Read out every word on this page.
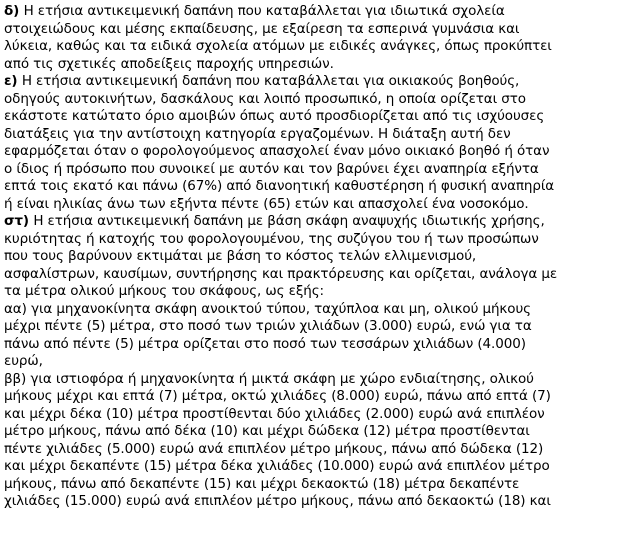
δ) Η ετήσια αντικειμενική δαπάνη που καταβάλλεται για ιδιωτικά σχολεία
στοιχειώδους και μέσης εκπαίδευσης, με εξαίρεση τα εσπερινά γυμνάσια και
λύκεια, καθώς και τα ειδικά σχολεία ατόμων με ειδικές ανάγκες, όπως προκύπτει
από τις σχετικές αποδείξεις παροχής υπηρεσιών.
ε) Η ετήσια αντικειμενική δαπάνη που καταβάλλεται για οικιακούς βοηθούς,
οδηγούς αυτοκινήτων, δασκάλους και λοιπό προσωπικό, η οποία ορίζεται στο
εκάστοτε κατώτατο όριο αμοιβών όπως αυτό προσδιορίζεται από τις ισχύουσες
διατάξεις για την αντίστοιχη κατηγορία εργαζομένων. Η διάταξη αυτή δεν
εφαρμόζεται όταν ο φορολογούμενος απασχολεί έναν μόνο οικιακό βοηθό ή όταν
ο ίδιος ή πρόσωπο που συνοικεί με αυτόν και τον βαρύνει έχει αναπηρία εξήντα
επτά τοις εκατό και πάνω (67%) από διανοητική καθυστέρηση ή φυσική αναπηρία
ή είναι ηλικίας άνω των εξήντα πέντε (65) ετών και απασχολεί ένα νοσοκόμο.
στ) Η ετήσια αντικειμενική δαπάνη με βάση σκάφη αναψυχής ιδιωτικής χρήσης,
κυριότητας ή κατοχής του φορολογουμένου, της συζύγου του ή των προσώπων
που τους βαρύνουν εκτιμάται με βάση το κόστος τελών ελλιμενισμού,
ασφαλίστρων, καυσίμων, συντήρησης και πρακτόρευσης και ορίζεται, ανάλογα με
τα μέτρα ολικού μήκους του σκάφους, ως εξής:
αα) για μηχανοκίνητα σκάφη ανοικτού τύπου, ταχύπλοα και μη, ολικού μήκους
μέχρι πέντε (5) μέτρα, στο ποσό των τριών χιλιάδων (3.000) ευρώ, ενώ για τα
πάνω από πέντε (5) μέτρα ορίζεται στο ποσό των τεσσάρων χιλιάδων (4.000)
ευρώ,
ββ) για ιστιοφόρα ή μηχανοκίνητα ή μικτά σκάφη με χώρο ενδιαίτησης, ολικού
μήκους μέχρι και επτά (7) μέτρα, οκτώ χιλιάδες (8.000) ευρώ, πάνω από επτά (7)
και μέχρι δέκα (10) μέτρα προστίθενται δύο χιλιάδες (2.000) ευρώ ανά επιπλέον
μέτρο μήκους, πάνω από δέκα (10) και μέχρι δώδεκα (12) μέτρα προστίθενται
πέντε χιλιάδες (5.000) ευρώ ανά επιπλέον μέτρο μήκους, πάνω από δώδεκα (12)
και μέχρι δεκαπέντε (15) μέτρα δέκα χιλιάδες (10.000) ευρώ ανά επιπλέον μέτρο
μήκους, πάνω από δεκαπέντε (15) και μέχρι δεκαοκτώ (18) μέτρα δεκαπέντε
χιλιάδες (15.000) ευρώ ανά επιπλέον μέτρο μήκους, πάνω από δεκαοκτώ (18) και
